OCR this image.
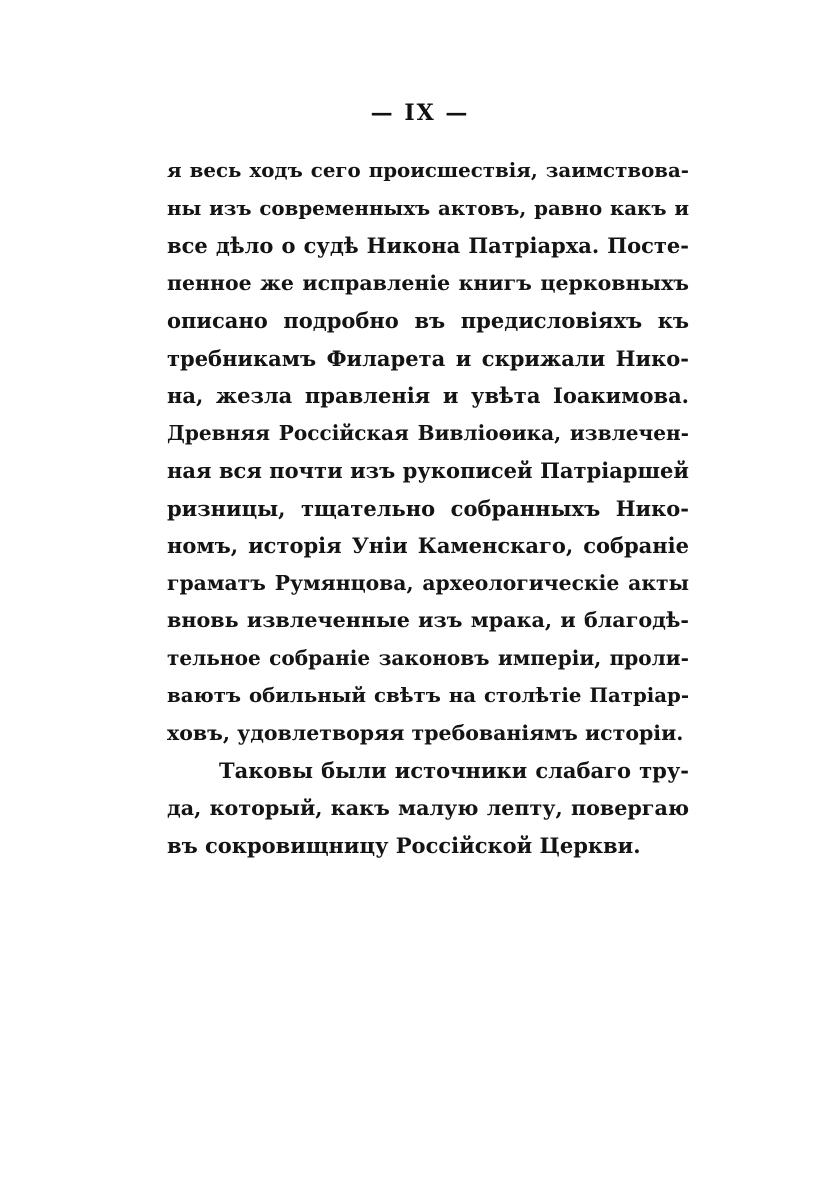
— IX —
я весь ходъ сего происшествія, заимствова-
ны изъ современныхъ актовъ, равно какъ и
все дѣло о судѣ Никона Патріарха. Посте-
пенное же исправленіе книгъ церковныхъ
описано подробно въ предисловіяхъ къ
требникамъ Филарета и скрижали Нико-
на, жезла правленія и увѣта Іоакимова.
Древняя Россійская Вивліоѳика, извлечен-
ная вся почти изъ рукописей Патріаршей
ризницы, тщательно собранныхъ Нико-
номъ, исторія Уніи Каменскаго, собраніе
граматъ Румянцова, археологическіе акты
вновь извлеченные изъ мрака, и благодѣ-
тельное собраніе законовъ имперіи, проли-
ваютъ обильный свѣтъ на столѣтіе Патріар-
ховъ, удовлетворяя требованіямъ исторіи.
Таковы были источники слабаго тру-
да, который, какъ малую лепту, повергаю
въ сокровищницу Россійской Церкви.
